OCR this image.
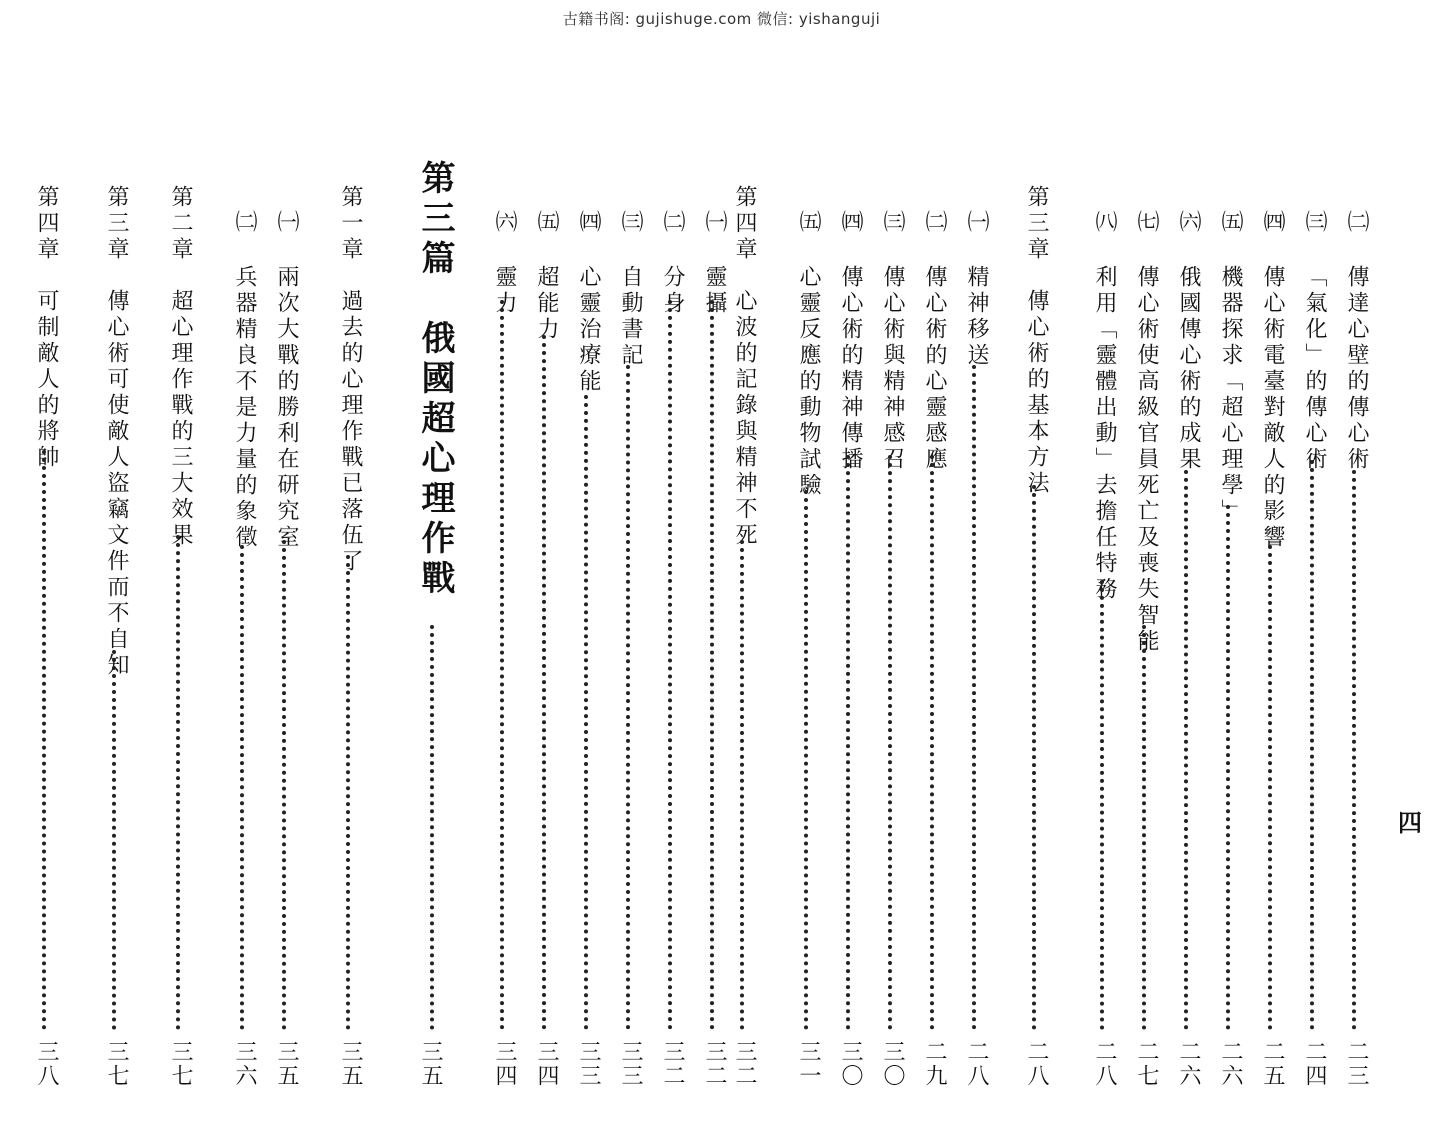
古籍书阁: gujishuge.com 微信: yishanguji
四
㈡ 傳達心壁的傳心術
二三
㈢ 「氣化」的傳心術
二四
㈣ 傳心術電臺對敵人的影響
二五
㈤ 機器探求「超心理學」
二六
㈥ 俄國傳心術的成果
二六
㈦ 傳心術使高級官員死亡及喪失智能
二七
㈧ 利用「靈體出動」去擔任特務
二八
第三章　傳心術的基本方法
二八
㈠ 精神移送
二八
㈡ 傳心術的心靈感應
二九
㈢ 傳心術與精神感召
三〇
㈣ 傳心術的精神傳播
三〇
㈤ 心靈反應的動物試驗
三一
第四章　心波的記錄與精神不死
三二
㈠ 靈攝
三二
㈡ 分身
三二
㈢ 自動書記
三三
㈣ 心靈治療能
三三
㈤ 超能力
三四
㈥ 靈力
三四
第三篇　俄國超心理作戰
三五
第一章　過去的心理作戰已落伍了
三五
㈠ 兩次大戰的勝利在研究室
三五
㈡ 兵器精良不是力量的象徵
三六
第二章　超心理作戰的三大效果
三七
第三章　傳心術可使敵人盜竊文件而不自知
三七
第四章　可制敵人的將帥
三八
